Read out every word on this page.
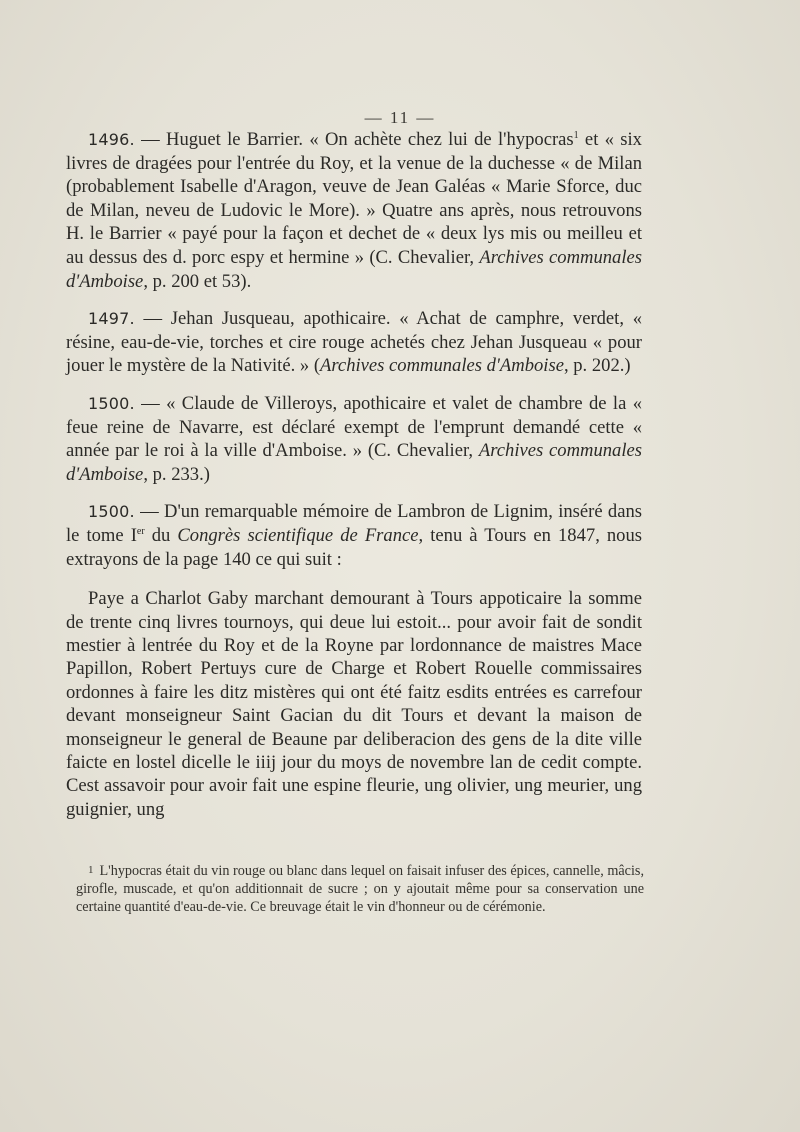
— 11 —

1496. — Huguet le Barrier. « On achète chez lui de l'hypocras$^1$ et « six livres de dragées pour l'entrée du Roy, et la venue de la duchesse « de Milan (probablement Isabelle d'Aragon, veuve de Jean Galéas « Marie Sforce, duc de Milan, neveu de Ludovic le More). » Quatre ans après, nous retrouvons H. le Barrier « payé pour la façon et dechet de « deux lys mis ou meilleu et au dessus des d. porc espy et hermine » (C. Chevalier, Archives communales d'Amboise, p. 200 et 53).

1497. — Jehan Jusqueau, apothicaire. « Achat de camphre, verdet, « résine, eau-de-vie, torches et cire rouge achetés chez Jehan Jusqueau « pour jouer le mystère de la Nativité. » (Archives communales d'Amboise, p. 202.)

1500. — « Claude de Villeroys, apothicaire et valet de chambre de la « feue reine de Navarre, est déclaré exempt de l'emprunt demandé cette « année par le roi à la ville d'Amboise. » (C. Chevalier, Archives communales d'Amboise, p. 233.)

1500. — D'un remarquable mémoire de Lambron de Lignim, inséré dans le tome Ier du Congrès scientifique de France, tenu à Tours en 1847, nous extrayons de la page 140 ce qui suit :

Paye a Charlot Gaby marchant demourant à Tours appoticaire la somme de trente cinq livres tournoys, qui deue lui estoit... pour avoir fait de sondit mestier à lentrée du Roy et de la Royne par lordonnance de maistres Mace Papillon, Robert Pertuys cure de Charge et Robert Rouelle commissaires ordonnes à faire les ditz mistères qui ont été faitz esdits entrées es carrefour devant monseigneur Saint Gacian du dit Tours et devant la maison de monseigneur le general de Beaune par deliberacion des gens de la dite ville faicte en lostel dicelle le iiij jour du moys de novembre lan de cedit compte. Cest assavoir pour avoir fait une espine fleurie, ung olivier, ung meurier, ung guignier, ung

1 L'hypocras était du vin rouge ou blanc dans lequel on faisait infuser des épices, cannelle, mâcis, girofle, muscade, et qu'on additionnait de sucre ; on y ajoutait même pour sa conservation une certaine quantité d'eau-de-vie. Ce breuvage était le vin d'honneur ou de cérémonie.
